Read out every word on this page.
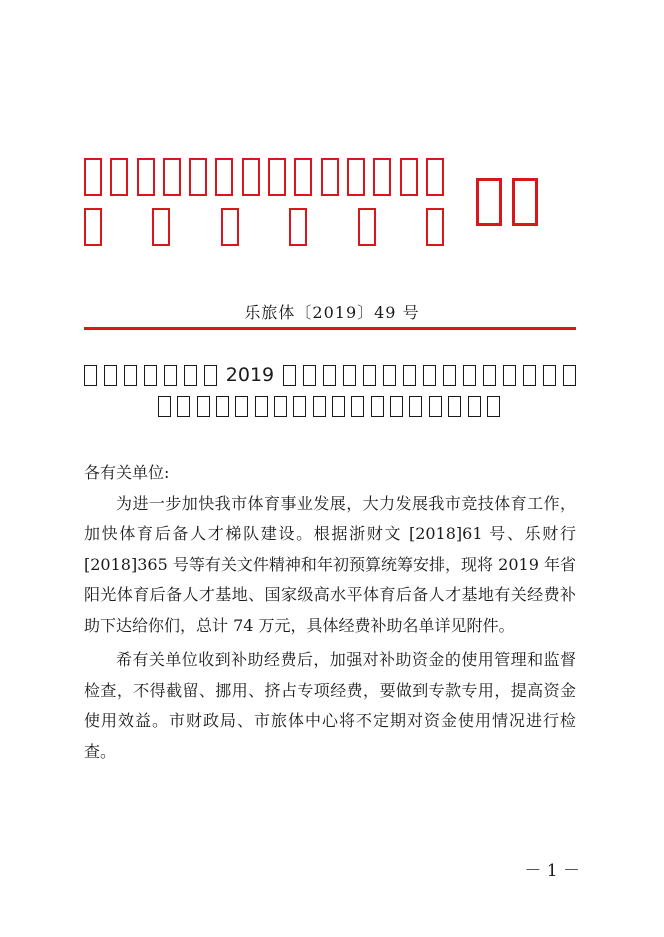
乐旅体〔2019〕49 号
2019

各有关单位:

为进一步加快我市体育事业发展，大力发展我市竞技体育工作，加快体育后备人才梯队建设。根据浙财文 [2018]61 号、乐财行[2018]365 号等有关文件精神和年初预算统筹安排，现将 2019 年省阳光体育后备人才基地、国家级高水平体育后备人才基地有关经费补助下达给你们，总计 74 万元，具体经费补助名单详见附件。

希有关单位收到补助经费后，加强对补助资金的使用管理和监督检查，不得截留、挪用、挤占专项经费，要做到专款专用，提高资金使用效益。市财政局、市旅体中心将不定期对资金使用情况进行检查。

－ 1 －
